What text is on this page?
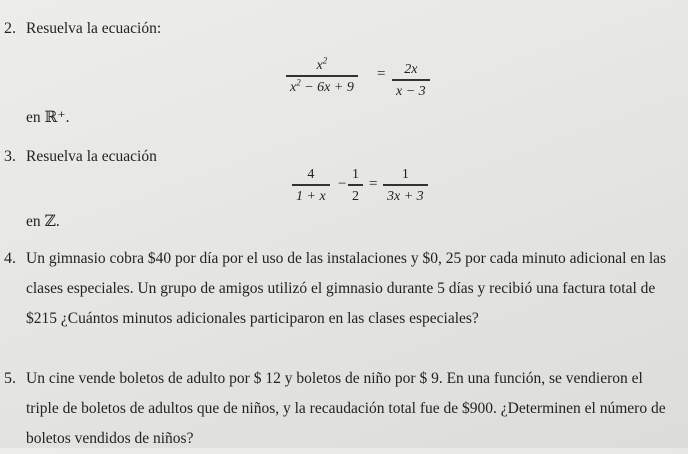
2. Resuelva la ecuación:
$x^2$
$x^2 - 6x + 9$
= 2x
x − 3
en ℝ⁺.
3. Resuelva la ecuación
4
1 + x
−
1
2
=
1
3x + 3
en ℤ.
4. Un gimnasio cobra $40 por día por el uso de las instalaciones y $0, 25 por cada minuto adicional en las clases especiales. Un grupo de amigos utilizó el gimnasio durante 5 días y recibió una factura total de $215 ¿Cuántos minutos adicionales participaron en las clases especiales?
5. Un cine vende boletos de adulto por $ 12 y boletos de niño por $ 9. En una función, se vendieron el triple de boletos de adultos que de niños, y la recaudación total fue de $900. ¿Determinen el número de boletos vendidos de niños?
